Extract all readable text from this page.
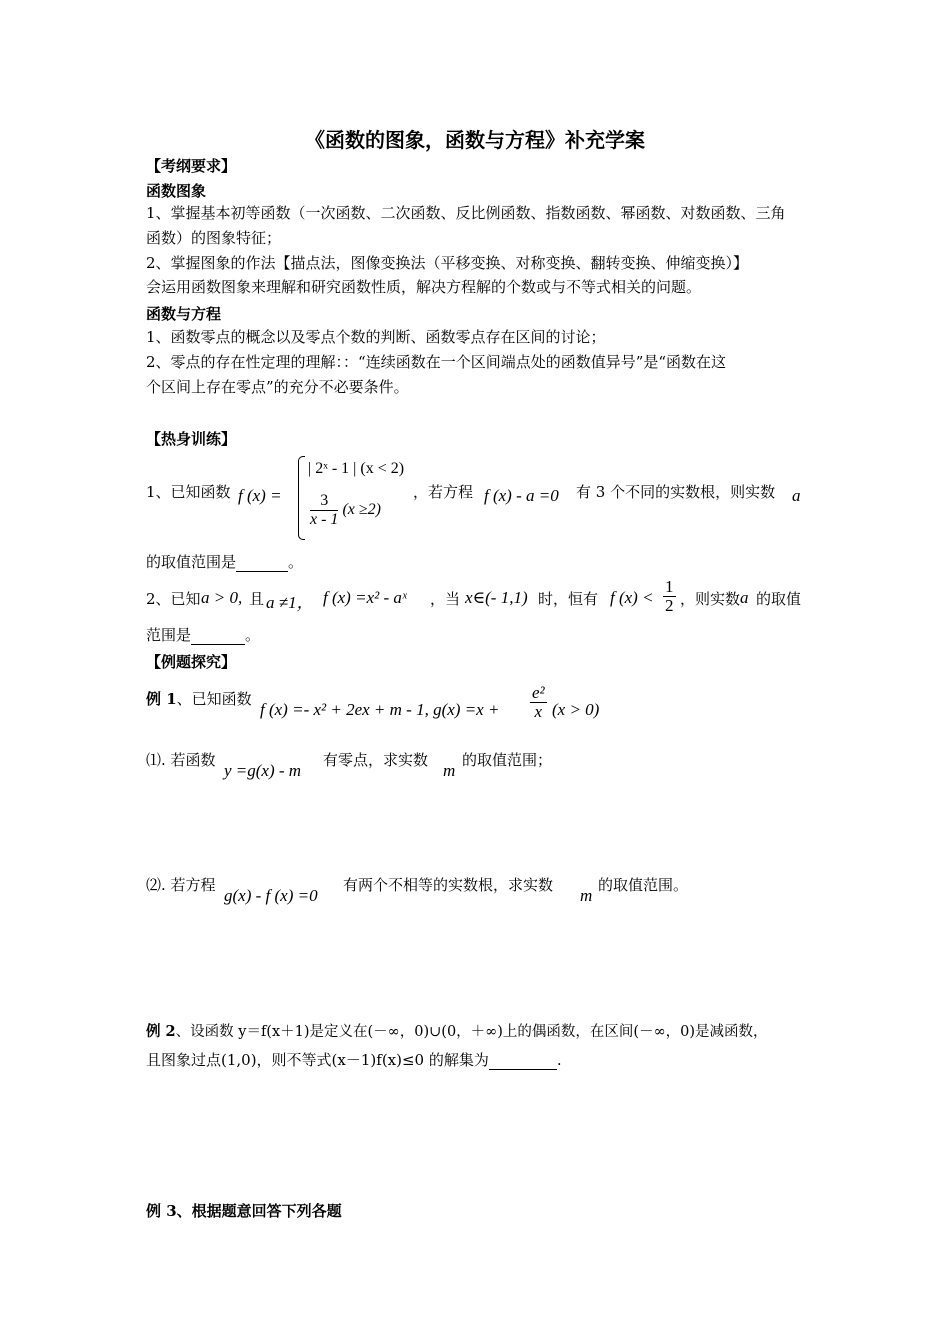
《函数的图象，函数与方程》补充学案
【考纲要求】
函数图象
1、掌握基本初等函数（一次函数、二次函数、反比例函数、指数函数、幂函数、对数函数、三角
函数）的图象特征；
2、掌握图象的作法【描点法，图像变换法（平移变换、对称变换、翻转变换、伸缩变换）】
会运用函数图象来理解和研究函数性质，解决方程解的个数或与不等式相关的问题。
函数与方程
1、函数零点的概念以及零点个数的判断、函数零点存在区间的讨论；
2、零点的存在性定理的理解：：“连续函数在一个区间端点处的函数值异号”是“函数在这
个区间上存在零点”的充分不必要条件。
【热身训练】
1、已知函数 f (x) =
| 2ˣ - 1 | (x < 2)
$\frac{3}{x - 1} (x \ge 2)$
，若方程 f (x) - a =0 有 3 个不同的实数根，则实数 a
的取值范围是	。
2、已知 a > 0, 且 a ≠1， f (x) =x² - aˣ ，当 x∈(- 1,1) 时，恒有 f $(x) < \frac{1}{2}$ ，则实数 a 的取值
范围是	。
【例题探究】
例 1、已知函数
f (x) =- x² + 2ex + m - 1, $g(x) =x + \frac{\text{e²}}{x} (x > 0)$
⑴. 若函数
y =g(x) - m
有零点，求实数
m
的取值范围；
⑵. 若方程
g(x) - f (x) =0
有两个不相等的实数根，求实数
m
的取值范围。
例 2、设函数 y＝f(x＋1)是定义在(－∞，0)∪(0，＋∞)上的偶函数，在区间(－∞，0)是减函数，
且图象过点(1,0)，则不等式(x－1)f(x)≤0 的解集为	.
例 3、根据题意回答下列各题
